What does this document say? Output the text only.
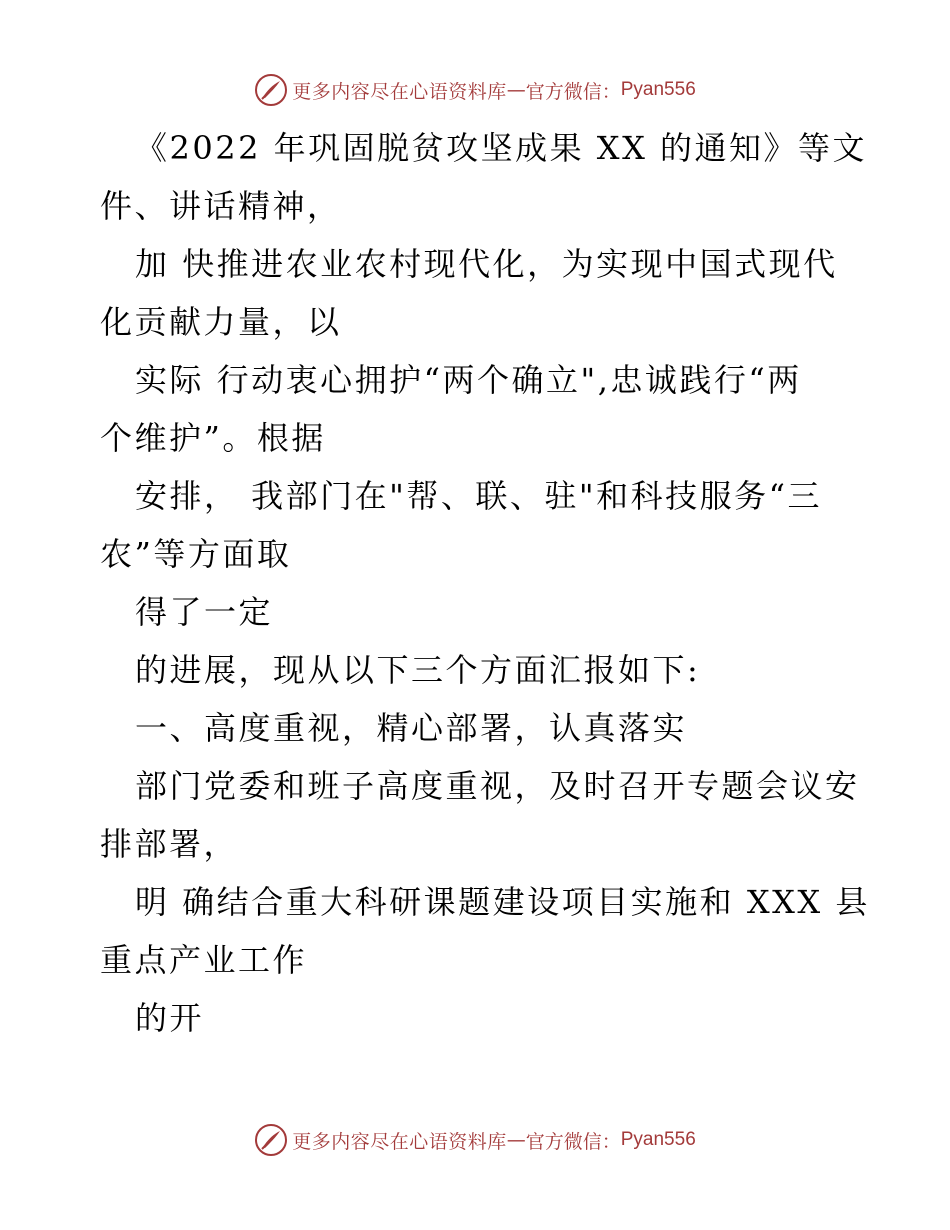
更多内容尽在心语资料库 — 官方微信： Pyan556
《2022 年巩固脱贫攻坚成果 XX 的通知》等文
件、讲话精神，
加 快推进农业农村现代化，为实现中国式现代
化贡献力量，以
实际 行动衷心拥护“两个确立",忠诚践行“两
个维护”。根据
安排， 我部门在"帮、联、驻"和科技服务“三
农”等方面取
得了一定
的进展，现从以下三个方面汇报如下:
一、高度重视，精心部署，认真落实
部门党委和班子高度重视，及时召开专题会议安
排部署，
明 确结合重大科研课题建设项目实施和 XXX 县
重点产业工作
的开
更多内容尽在心语资料库 — 官方微信： Pyan556
